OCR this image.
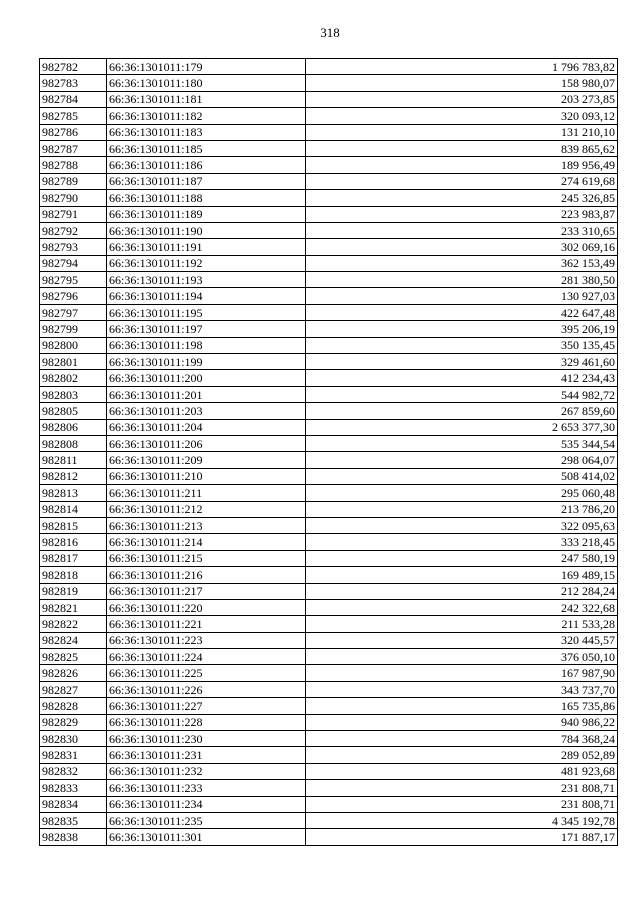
318
982782	66:36:1301011:179	1 796 783,82
982783	66:36:1301011:180	158 980,07
982784	66:36:1301011:181	203 273,85
982785	66:36:1301011:182	320 093,12
982786	66:36:1301011:183	131 210,10
982787	66:36:1301011:185	839 865,62
982788	66:36:1301011:186	189 956,49
982789	66:36:1301011:187	274 619,68
982790	66:36:1301011:188	245 326,85
982791	66:36:1301011:189	223 983,87
982792	66:36:1301011:190	233 310,65
982793	66:36:1301011:191	302 069,16
982794	66:36:1301011:192	362 153,49
982795	66:36:1301011:193	281 380,50
982796	66:36:1301011:194	130 927,03
982797	66:36:1301011:195	422 647,48
982799	66:36:1301011:197	395 206,19
982800	66:36:1301011:198	350 135,45
982801	66:36:1301011:199	329 461,60
982802	66:36:1301011:200	412 234,43
982803	66:36:1301011:201	544 982,72
982805	66:36:1301011:203	267 859,60
982806	66:36:1301011:204	2 653 377,30
982808	66:36:1301011:206	535 344,54
982811	66:36:1301011:209	298 064,07
982812	66:36:1301011:210	508 414,02
982813	66:36:1301011:211	295 060,48
982814	66:36:1301011:212	213 786,20
982815	66:36:1301011:213	322 095,63
982816	66:36:1301011:214	333 218,45
982817	66:36:1301011:215	247 580,19
982818	66:36:1301011:216	169 489,15
982819	66:36:1301011:217	212 284,24
982821	66:36:1301011:220	242 322,68
982822	66:36:1301011:221	211 533,28
982824	66:36:1301011:223	320 445,57
982825	66:36:1301011:224	376 050,10
982826	66:36:1301011:225	167 987,90
982827	66:36:1301011:226	343 737,70
982828	66:36:1301011:227	165 735,86
982829	66:36:1301011:228	940 986,22
982830	66:36:1301011:230	784 368,24
982831	66:36:1301011:231	289 052,89
982832	66:36:1301011:232	481 923,68
982833	66:36:1301011:233	231 808,71
982834	66:36:1301011:234	231 808,71
982835	66:36:1301011:235	4 345 192,78
982838	66:36:1301011:301	171 887,17
